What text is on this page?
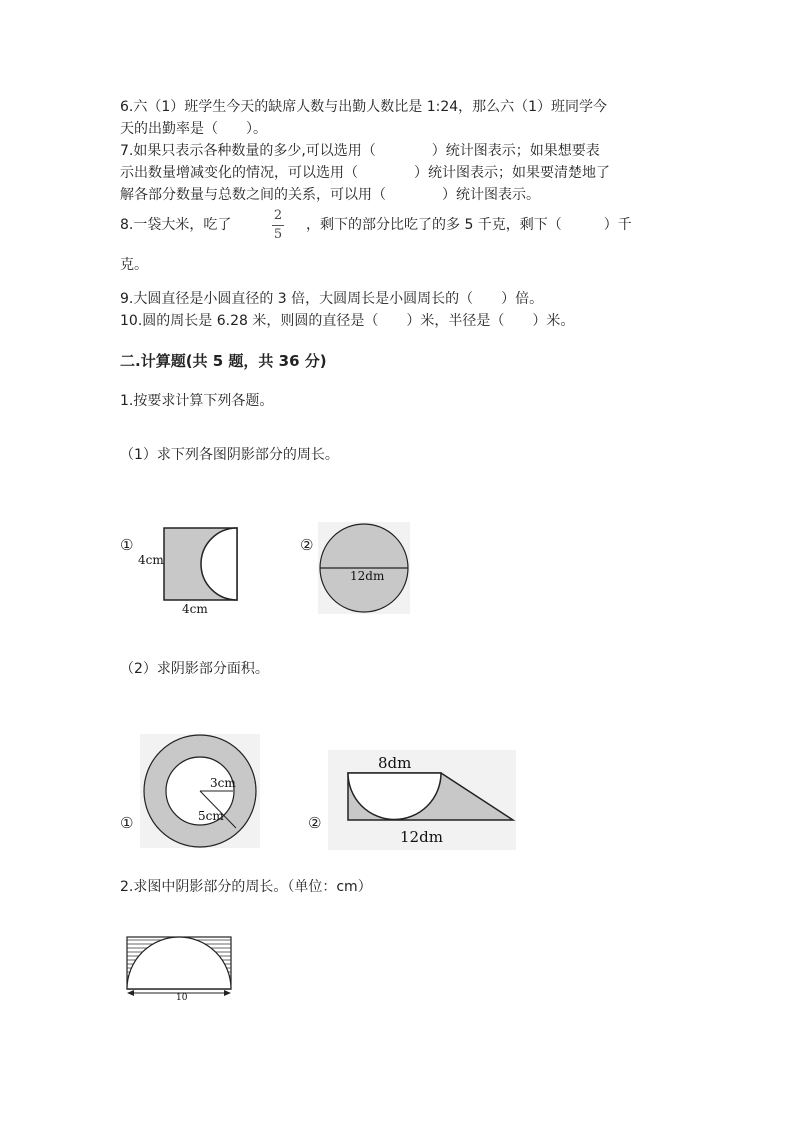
6.六（1）班学生今天的缺席人数与出勤人数比是 1:24，那么六（1）班同学今
天的出勤率是（　　）。
7.如果只表示各种数量的多少,可以选用（　　　　）统计图表示；如果想要表
示出数量增减变化的情况，可以选用（　　　　）统计图表示；如果要清楚地了
解各部分数量与总数之间的关系，可以用（　　　　）统计图表示。
8.一袋大米，吃了
2
5
，剩下的部分比吃了的多 5 千克，剩下（　　　）千
克。
9.大圆直径是小圆直径的 3 倍，大圆周长是小圆周长的（　　）倍。
10.圆的周长是 6.28 米，则圆的直径是（　　）米，半径是（　　）米。
二.计算题(共 5 题，共 36 分)
1.按要求计算下列各题。
（1）求下列各图阴影部分的周长。
①
4cm
4cm
②
12dm
（2）求阴影部分面积。
①
3cm
5cm	②
8dm
12dm
2.求图中阴影部分的周长。（单位：cm）
10
